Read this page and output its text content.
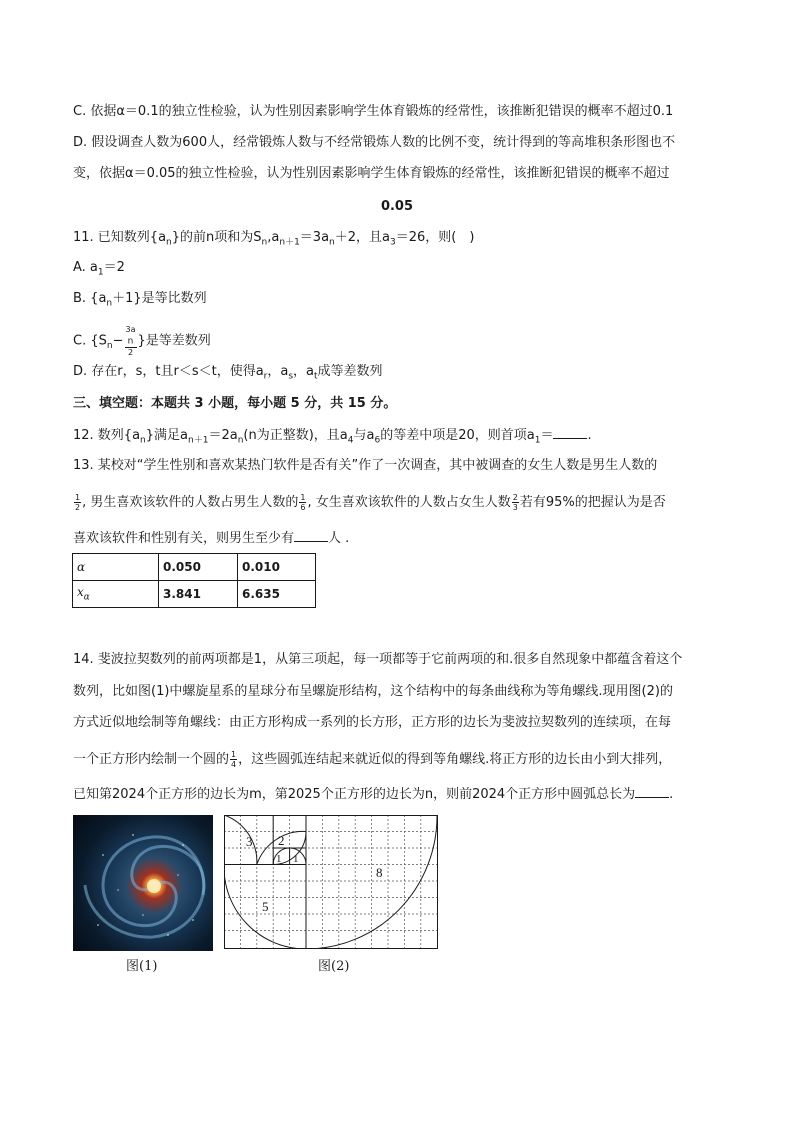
C. 依据α＝0.1的独立性检验，认为性别因素影响学生体育锻炼的经常性，该推断犯错误的概率不超过0.1
D. 假设调查人数为600人，经常锻炼人数与不经常锻炼人数的比例不变，统计得到的等高堆积条形图也不
变，依据α＝0.05的独立性检验，认为性别因素影响学生体育锻炼的经常性，该推断犯错误的概率不超过
0.05
11. 已知数列$\{a_n\}$的前n项和为$S_n,a_{n+1}=3a_n+2$，且$a_3=26$，则(　)
A. $a_1=2$
B. $\{a_n+1\}$是等比数列
C. {$S_n- 3a$
$_n$
2 }是等差数列
D. 存在r，s，t且r＜s＜t，使得$a_r$，$a_s$，$a_t$成等差数列
三、填空题：本题共 3 小题，每小题 5 分，共 15 分。
12. 数列$\{a_n\}$满足$a_{n+1}=2a_n(n$为正整数)，且$a_4$与$a_6$的等差中项是20，则首项$a_1=$	.
13. 某校对“学生性别和喜欢某热门软件是否有关”作了一次调查，其中被调查的女生人数是男生人数的
$\frac{1}{2}$ , 男生喜欢该软件的人数占男生人数的 $\frac{1}{6}$ , 女生喜欢该软件的人数占女生人数 $\frac{2}{3}$ 若有95%的把握认为是否
喜欢该软件和性别有关，则男生至少有	人 .
α	0.050	0.010
$x_\alpha$	3.841	6.635
14. 斐波拉契数列的前两项都是1，从第三项起，每一项都等于它前两项的和.很多自然现象中都蕴含着这个
数列，比如图(1)中螺旋星系的星球分布呈螺旋形结构，这个结构中的每条曲线称为等角螺线.现用图(2)的
方式近似地绘制等角螺线：由正方形构成一系列的长方形，正方形的边长为斐波拉契数列的连续项，在每
一个正方形内绘制一个圆的 $\frac{1}{4}$ ，这些圆弧连结起来就近似的得到等角螺线.将正方形的边长由小到大排列，
已知第2024个正方形的边长为m，第2025个正方形的边长为n，则前2024个正方形中圆弧总长为	.
图(1)
3 2
1 1
8
5
图(2)
